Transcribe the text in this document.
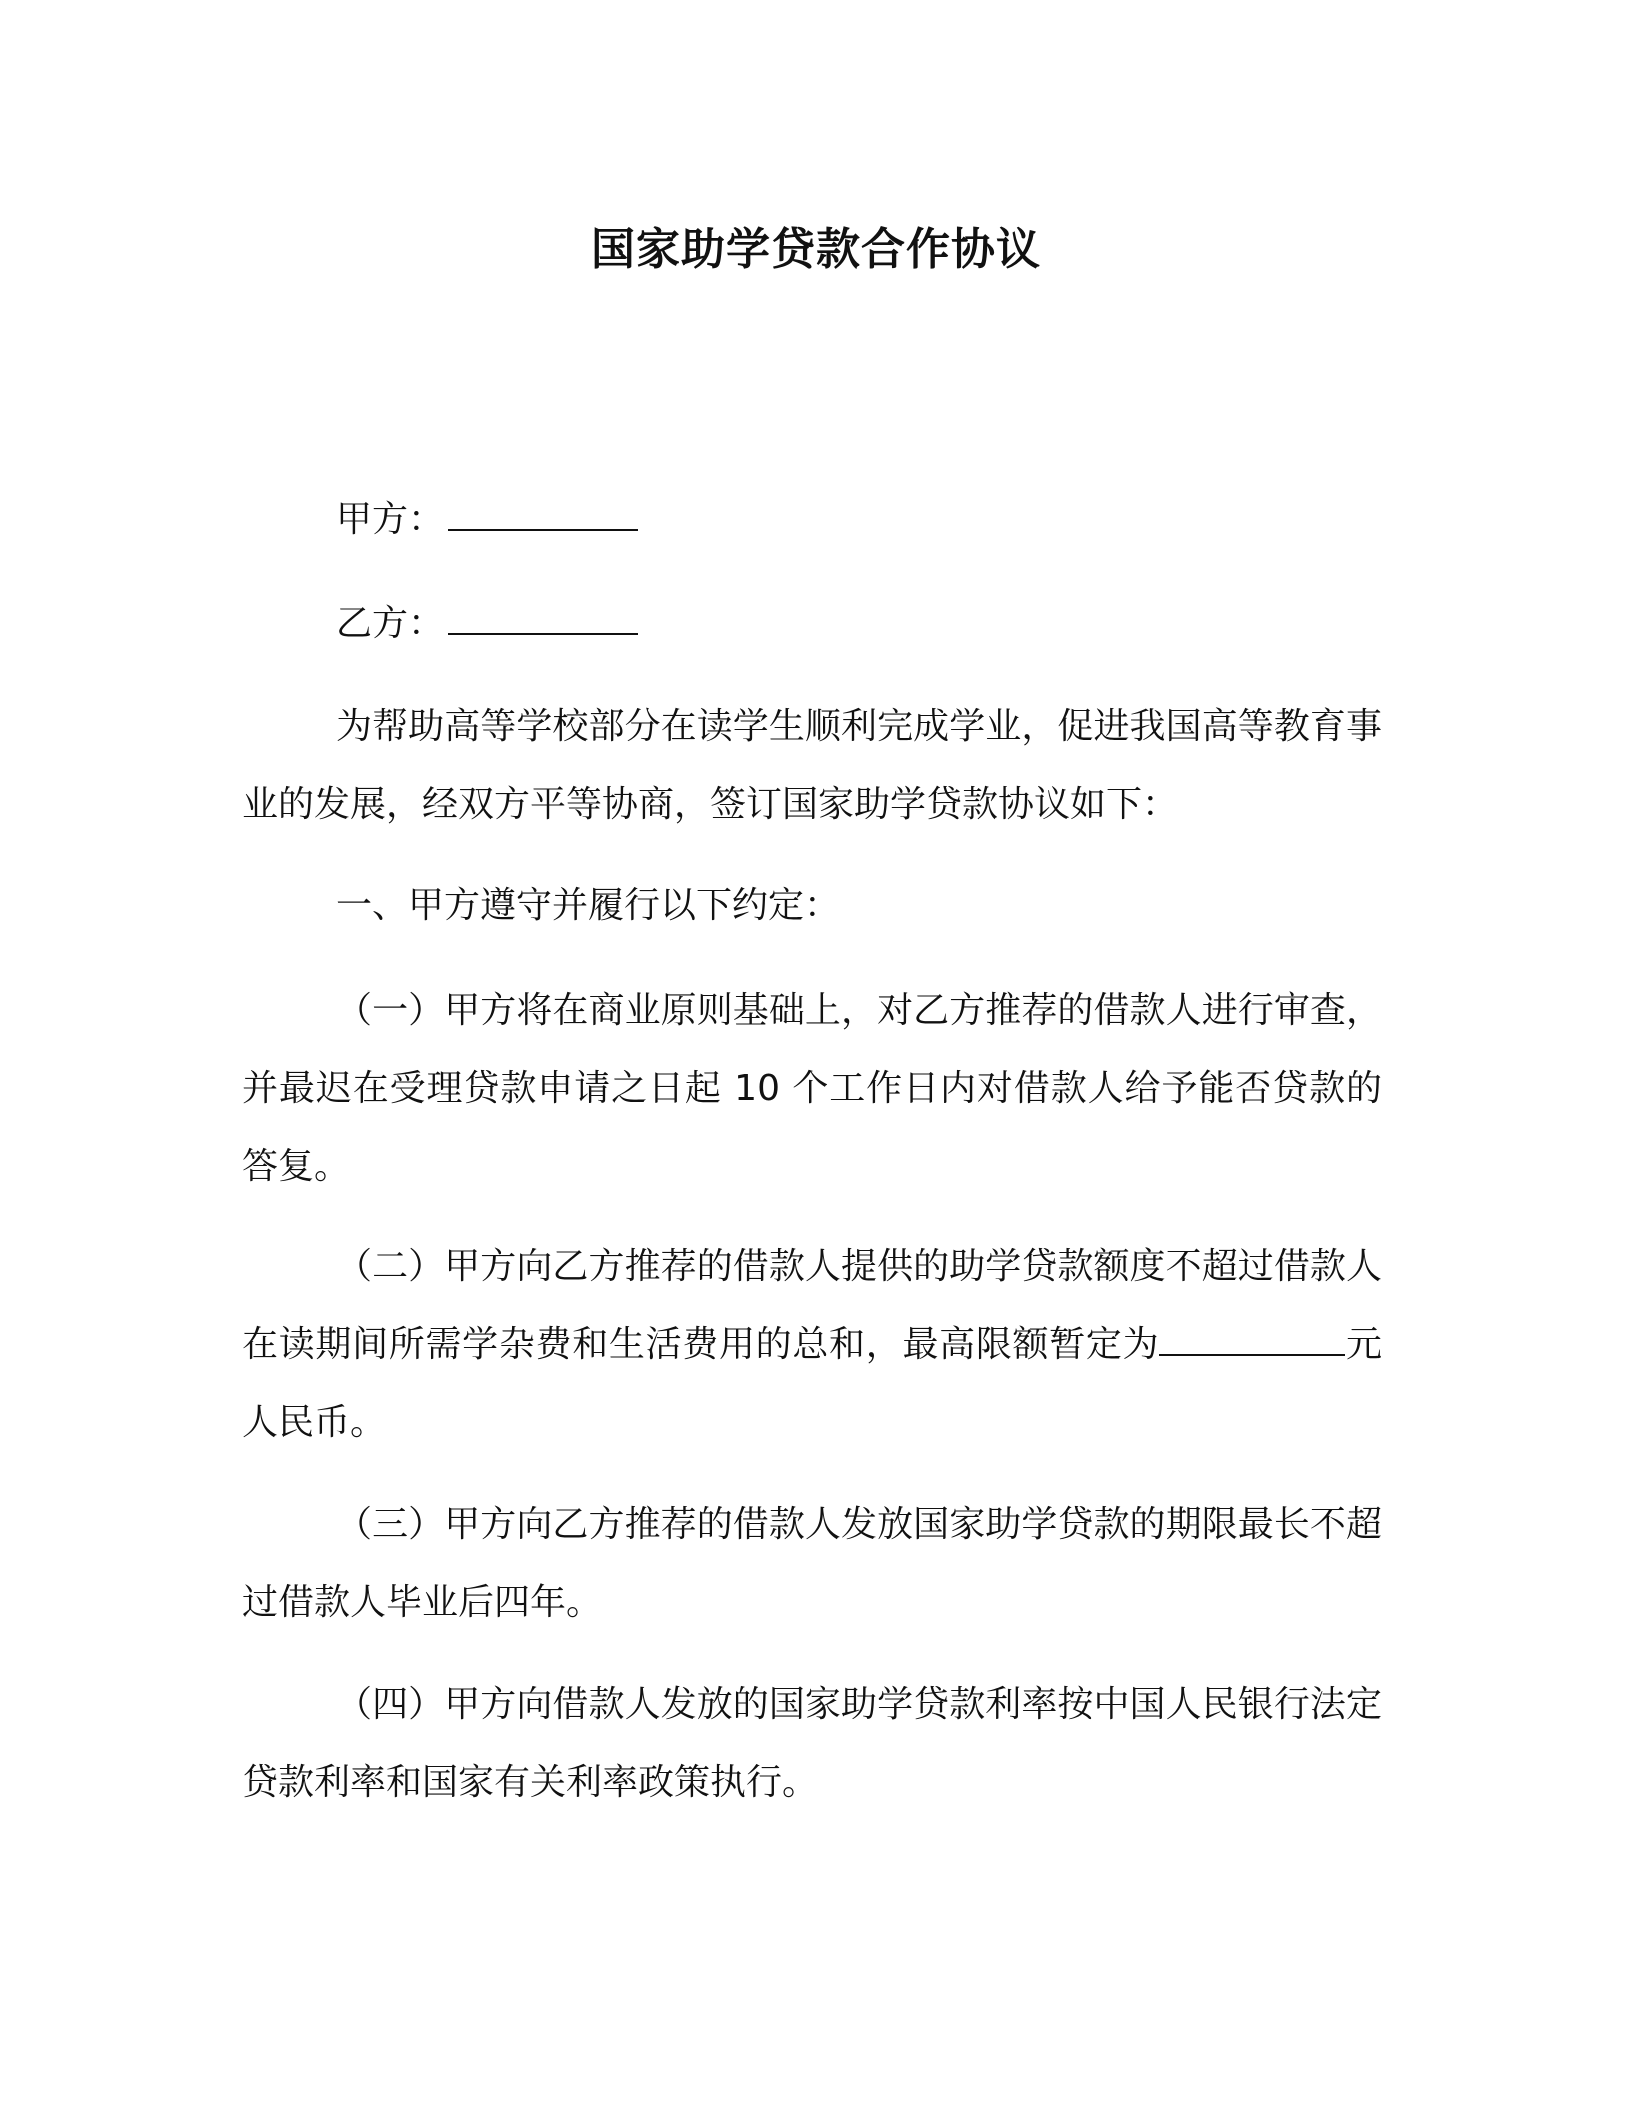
国家助学贷款合作协议
甲方：
乙方：
为帮助高等学校部分在读学生顺利完成学业，促进我国高等教育事业的发展，经双方平等协商，签订国家助学贷款协议如下：
一、甲方遵守并履行以下约定：
（一）甲方将在商业原则基础上，对乙方推荐的借款人进行审查，并最迟在受理贷款申请之日起 10 个工作日内对借款人给予能否贷款的答复。
（二）甲方向乙方推荐的借款人提供的助学贷款额度不超过借款人在读期间所需学杂费和生活费用的总和，最高限额暂定为	元人民币。
（三）甲方向乙方推荐的借款人发放国家助学贷款的期限最长不超过借款人毕业后四年。
（四）甲方向借款人发放的国家助学贷款利率按中国人民银行法定贷款利率和国家有关利率政策执行。
